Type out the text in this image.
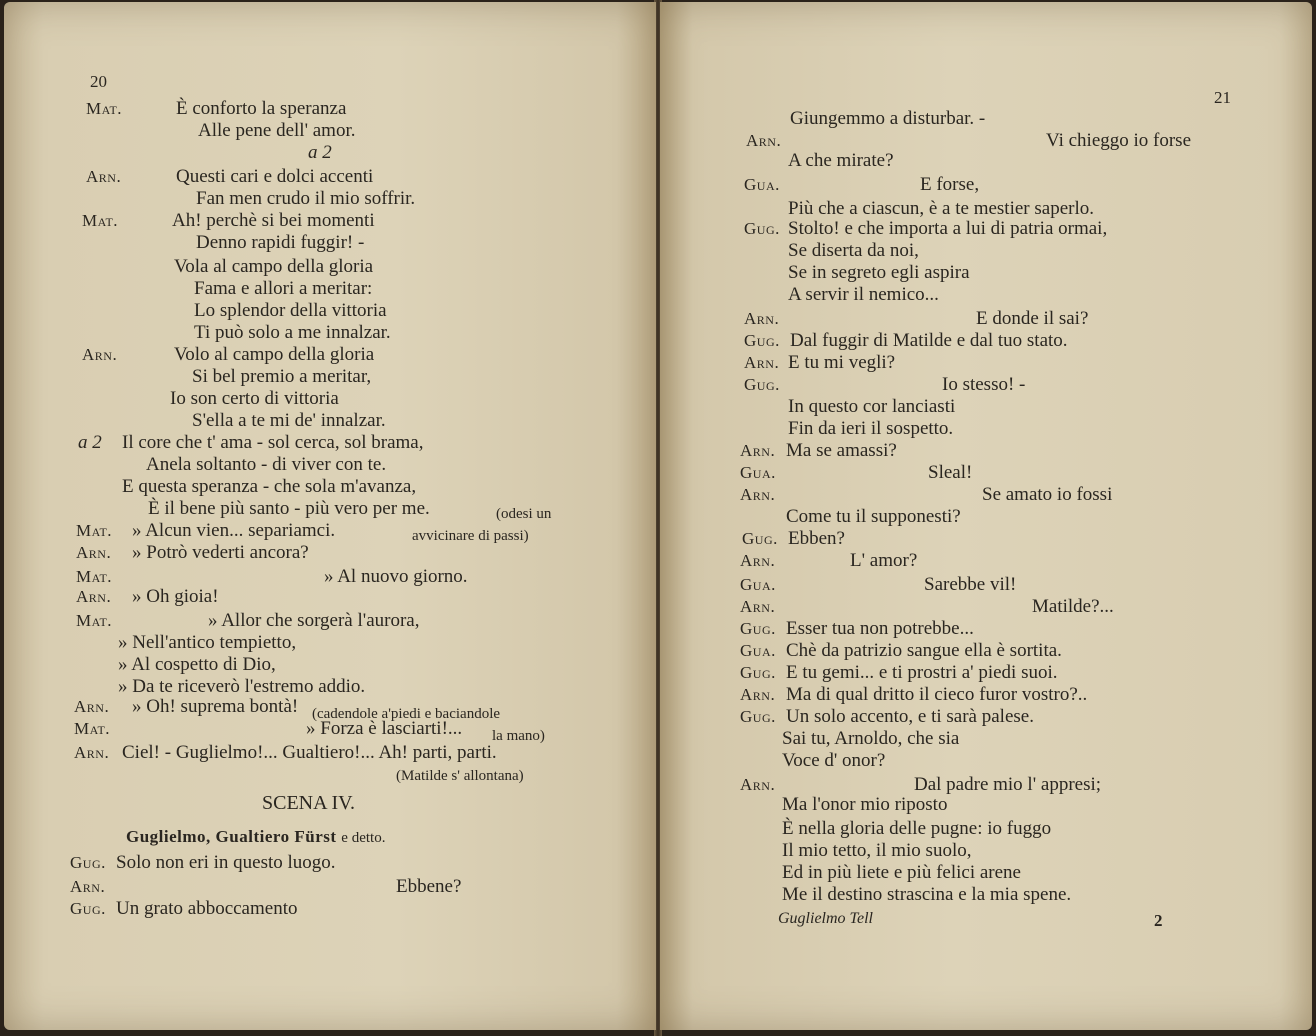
20
Mat.	È conforto la speranza
Alle pene dell' amor.
a 2
Arn.	Questi cari e dolci accenti
Fan men crudo il mio soffrir.
Mat.	Ah! perchè si bei momenti
Denno rapidi fuggir! -
Vola al campo della gloria
Fama e allori a meritar:
Lo splendor della vittoria
Ti può solo a me innalzar.
Arn.	Volo al campo della gloria
Si bel premio a meritar,
Io son certo di vittoria
S'ella a te mi de' innalzar.
a 2 Il core che t' ama - sol cerca, sol brama,
Anela soltanto - di viver con te.
E questa speranza - che sola m'avanza,
È il bene più santo - più vero per me.
Mat. » Alcun vien... separiamci.
Arn. » Potrò vederti ancora?
Mat.	» Al nuovo giorno.
Arn. » Oh gioia!
Mat.	» Allor che sorgerà l'aurora,
» Nell'antico tempietto,
» Al cospetto di Dio,
» Da te riceverò l'estremo addio.
Arn. » Oh! suprema bontà!
Mat.	» Forza è lasciarti!...
Arn. Ciel! - Guglielmo!... Gualtiero!... Ah! parti, parti.
(odesi un
avvicinare di passi)
(cadendole a'piedi e baciandole
la mano)
(Matilde s' allontana)
SCENA IV.
Guglielmo, Gualtiero Fürst e detto.
Gug. Solo non eri in questo luogo.
Arn.	Ebbene?
Gug. Un grato abboccamento
21
Giungemmo a disturbar. -
Arn.	Vi chieggo io forse
A che mirate?
Gua.	E forse,
Più che a ciascun, è a te mestier saperlo.
Gug. Stolto! e che importa a lui di patria ormai,
Se diserta da noi,
Se in segreto egli aspira
A servir il nemico...
Arn.	E donde il sai?
Gug. Dal fuggir di Matilde e dal tuo stato.
Arn. E tu mi vegli?
Gug.	Io stesso! -
In questo cor lanciasti
Fin da ieri il sospetto.
Arn. Ma se amassi?
Gua.	Sleal!
Arn.	Se amato io fossi
Come tu il supponesti?
Gug. Ebben?
Arn.	L' amor?
Gua.	Sarebbe vil!
Arn.	Matilde?...
Gug. Esser tua non potrebbe...
Gua. Chè da patrizio sangue ella è sortita.
Gug. E tu gemi... e ti prostri a' piedi suoi.
Arn. Ma di qual dritto il cieco furor vostro?..
Gug. Un solo accento, e ti sarà palese.
Sai tu, Arnoldo, che sia
Voce d' onor?
Arn.	Dal padre mio l' appresi;
Ma l'onor mio riposto
È nella gloria delle pugne: io fuggo
Il mio tetto, il mio suolo,
Ed in più liete e più felici arene
Me il destino strascina e la mia spene.
Guglielmo Tell	2
